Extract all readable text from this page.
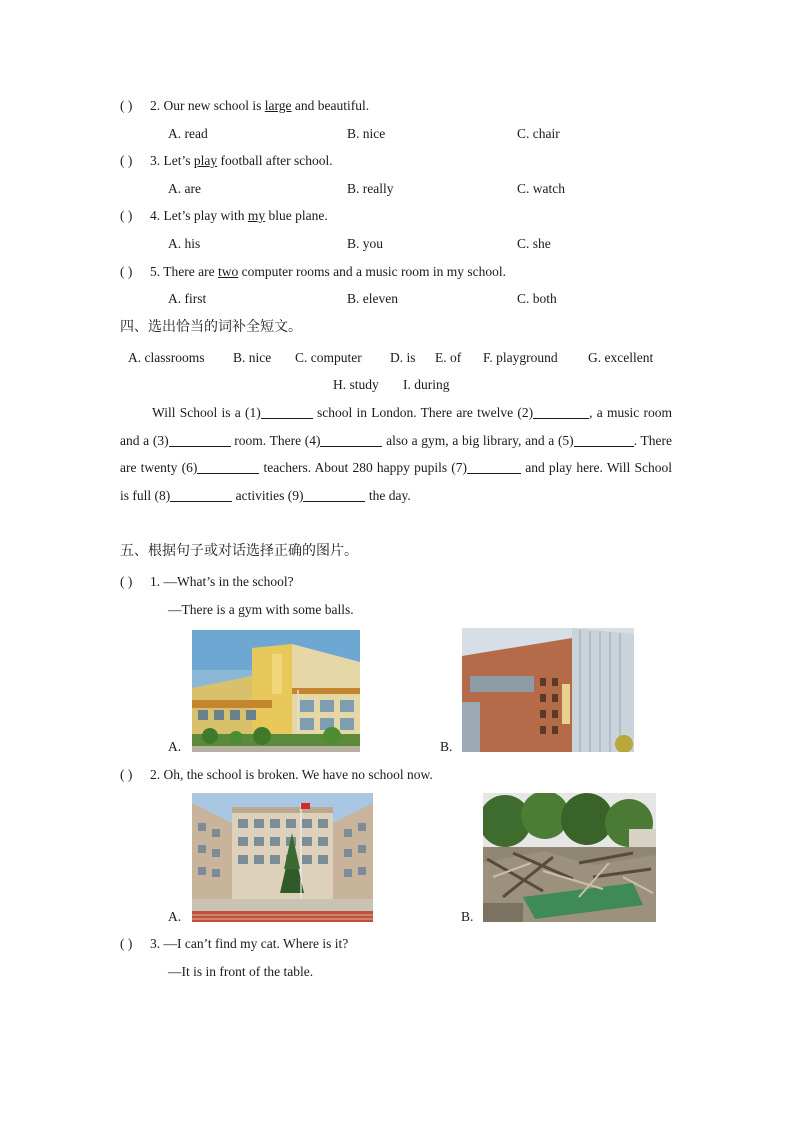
( ) 2. Our new school is large and beautiful.
A. read	B. nice	C. chair
( ) 3. Let’s play football after school.
A. are	B. really	C. watch
( ) 4. Let’s play with my blue plane.
A. his	B. you	C. she
( ) 5. There are two computer rooms and a music room in my school.
A. first	B. eleven	C. both
四、选出恰当的词补全短文。
A. classrooms B. nice C. computer D. is E. of F. playground G. excellent
H. study I. during
Will School is a (1)	school in London. There are twelve (2)	, a music room and a (3)	room. There (4)	also a gym, a big library, and a (5)	. There are twenty (6)	teachers. About 280 happy pupils (7)	and play here. Will School is full (8)	activities (9)	the day.
五、根据句子或对话选择正确的图片。
( ) 1. —What’s in the school?
—There is a gym with some balls.
A.	B.
( ) 2. Oh, the school is broken. We have no school now.
A.	B.
( ) 3. —I can’t find my cat. Where is it?
—It is in front of the table.
